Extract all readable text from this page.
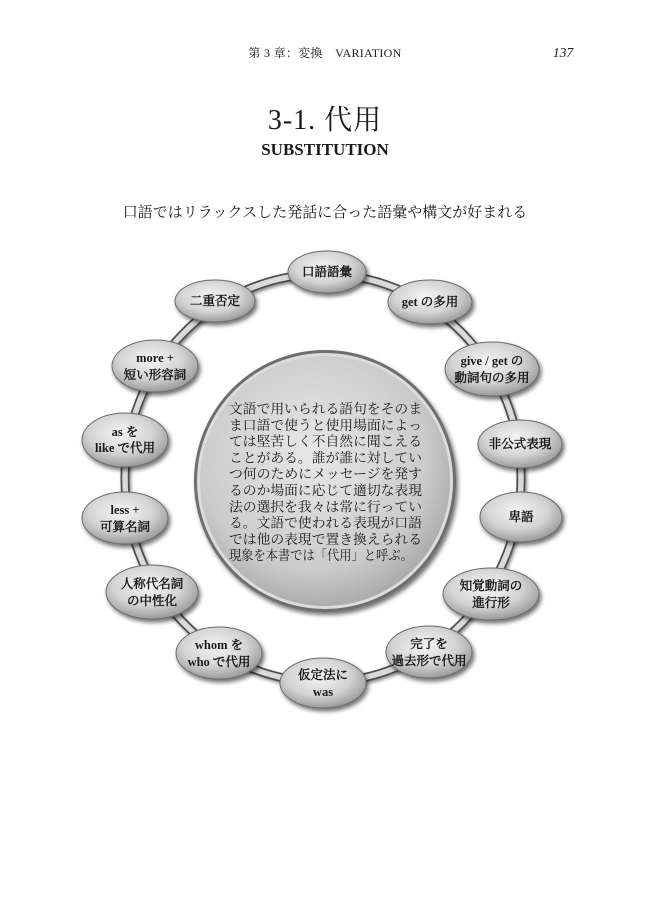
第 3 章：変換　VARIATION	137
3-1. 代用
SUBSTITUTION
口語ではリラックスした発話に合った語彙や構文が好まれる
文語で用いられる語句をそのま
ま口語で使うと使用場面によっ
ては堅苦しく不自然に聞こえる
ことがある。誰が誰に対してい
つ何のためにメッセージを発す
るのか場面に応じて適切な表現
法の選択を我々は常に行ってい
る。文語で使われる表現が口語
では他の表現で置き換えられる
現象を本書では「代用」と呼ぶ。
口語語彙
get の多用
give / get の
動詞句の多用
非公式表現
卑語
知覚動詞の
進行形
完了を
過去形で代用
仮定法に
was
whom を
who で代用
人称代名詞
の中性化
less +
可算名詞
as を
like で代用
more +
短い形容詞
二重否定
